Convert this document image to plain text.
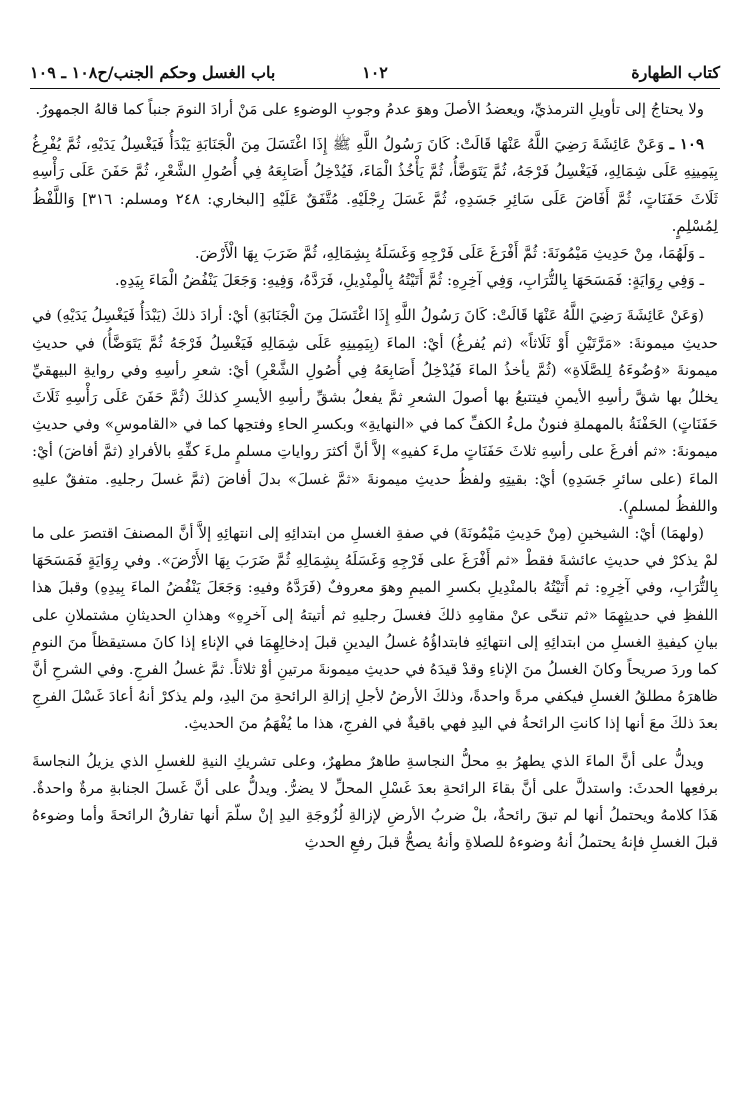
كتاب الطهارة
١٠٢
باب الغسل وحكم الجنب/ح١٠٨ ـ ١٠٩

ولا يحتاجُ إلى تأويلِ الترمذيِّ، ويعضدُ الأصلَ وهوَ عدمُ وجوبِ الوضوءِ على مَنْ أرادَ النومَ جنباً كما قالهُ الجمهورُ.

١٠٩ ـ وَعَنْ عَائِشَةَ رَضِيَ اللَّهُ عَنْهَا قَالَتْ: كَانَ رَسُولُ اللَّهِ ﷺ إِذَا اغْتَسَلَ مِنَ الْجَنَابَةِ يَبْدَأُ فَيَغْسِلُ يَدَيْهِ، ثُمَّ يُفْرِغُ بِيَمِينِهِ عَلَى شِمَالِهِ، فَيَغْسِلُ فَرْجَهُ، ثُمَّ يَتَوَضَّأُ، ثُمَّ يَأْخُذُ الْمَاءَ، فَيُدْخِلُ أَصَابِعَهُ فِي أُصُولِ الشَّعْرِ، ثُمَّ حَفَنَ عَلَى رَأْسِهِ ثَلَاثَ حَفَنَاتٍ، ثُمَّ أَفَاضَ عَلَى سَائِرِ جَسَدِهِ، ثُمَّ غَسَلَ رِجْلَيْهِ. مُتَّفَقٌ عَلَيْهِ [البخاري: ٢٤٨ ومسلم: ٣١٦] وَاللَّفْظُ لِمُسْلِمٍ.

ـ وَلَهُمَا، مِنْ حَدِيثِ مَيْمُونَةَ: ثُمَّ أَفْرَغَ عَلَى فَرْجِهِ وَغَسَلَهُ بِشِمَالِهِ، ثُمَّ ضَرَبَ بِهَا الْأَرْضَ.

ـ وَفِي رِوَايَةٍ: فَمَسَحَهَا بِالتُّرَابِ، وَفِي آخِرِهِ: ثُمَّ أَتَيْتُهُ بِالْمِنْدِيلِ، فَرَدَّهُ، وَفِيهِ: وَجَعَلَ يَنْفُضُ الْمَاءَ بِيَدِهِ.

(وَعَنْ عَائِشَةَ رَضِيَ اللَّهُ عَنْهَا قَالَتْ: كَانَ رَسُولُ اللَّهِ إِذَا اغْتَسَلَ مِنَ الْجَنَابَةِ) أيْ: أرادَ ذلكَ (يَبْدَأُ فَيَغْسِلُ يَدَيْهِ) في حديثِ ميمونةَ: «مَرَّتَيْنِ أَوْ ثَلَاثاً» (ثم يُفرغُ) أيْ: الماءَ (بِيَمِينِهِ عَلَى شِمَالِهِ فَيَغْسِلُ فَرْجَهُ ثُمَّ يَتَوَضَّأُ) في حديثِ ميمونةَ «وُضُوءَهُ لِلصَّلَاةِ» (ثُمَّ يأخذُ الماءَ فَيُدْخِلُ أَصَابِعَهُ فِي أُصُولِ الشَّعْرِ) أيْ: شعرِ رأسِهِ وفي روايةِ البيهقيِّ يخللُ بها شقَّ رأسِهِ الأيمنِ فيتتبعُ بها أصولَ الشعرِ ثمَّ يفعلُ بشقِّ رأسِهِ الأيسرِ كذلكَ (ثُمَّ حَفَنَ عَلَى رَأْسِهِ ثَلَاثَ حَفَنَاتٍ) الحَفْنَةُ بالمهملةِ فنونٌ ملءُ الكفِّ كما في «النهايةِ» وبكسرِ الحاءِ وفتحِها كما في «القاموسِ» وفي حديثِ ميمونةَ: «ثم أفرغَ على رأسِهِ ثلاثَ حَفَنَاتٍ ملءَ كفيهِ» إلاَّ أنَّ أكثرَ رواياتِ مسلمٍ ملءَ كفِّهِ بالأفرادِ (ثمَّ أفاضَ) أيْ: الماءَ (على سائرِ جَسَدِهِ) أيْ: بقيتِهِ ولفظُ حديثِ ميمونةَ «ثمَّ غسلَ» بدلَ أفاضَ (ثمَّ غسلَ رجليهِ. متفقٌ عليهِ واللفظُ لمسلمٍ).

(ولهمَا) أيْ: الشيخينِ (مِنْ حَدِيثِ مَيْمُونَةَ) في صفةِ الغسلِ من ابتدائِهِ إلى انتهائِهِ إلاَّ أنَّ المصنفَ اقتصرَ على ما لمْ يذكرْ في حديثِ عائشةَ فقطْ «ثم أَفْرَغَ على فَرْجِهِ وَغَسَلَهُ بِشِمَالِهِ ثُمَّ ضَرَبَ بِهَا الأَرْضَ». وفي رِوَايَةٍ فَمَسَحَهَا بِالتُّرَابِ، وفي آخِرِهِ: ثم أَتَيْتُهُ بالمنْدِيلِ بكسرِ الميمِ وهوَ معروفٌ (فَرَدَّهُ وفيهِ: وَجَعَلَ يَنْفُضُ الماءَ بِيدِهِ) وقبلَ هذا اللفظِ في حديثِهِمَا «ثم تنحّى عنْ مقامِهِ ذلكَ فغسلَ رجليهِ ثم أتيتهُ إلى آخرِهِ» وهذانِ الحديثانِ مشتملانِ على بيانِ كيفيةِ الغسلِ من ابتدائِهِ إلى انتهائِهِ فابتداؤُهُ غسلُ اليدينِ قبلَ إدخالِهِمَا في الإناءِ إذا كانَ مستيقظاً منَ النومِ كما وردَ صريحاً وكانَ الغسلُ منَ الإناءِ وقدْ قيدَهُ في حديثِ ميمونةَ مرتينِ أوْ ثلاثاً. ثمَّ غسلُ الفرجِ. وفي الشرحِ أنَّ ظاهرَهُ مطلقُ الغسلِ فيكفي مرةً واحدةً، وذلكَ الأرضُ لأجلِ إزالةِ الرائحةِ منَ اليدِ، ولم يذكرْ أنهُ أعادَ غَسْلَ الفرجِ بعدَ ذلكَ معَ أنها إذا كانتِ الرائحةُ في اليدِ فهي باقيةٌ في الفرجِ، هذا ما يُفْهَمُ منَ الحديثِ.

ويدلُّ على أنَّ الماءَ الذي يطهرُ بهِ محلُّ النجاسةِ طاهرٌ مطهرٌ، وعلى تشريكِ النيةِ للغسلِ الذي يزيلُ النجاسةَ برفعِها الحدثَ: واستدلَّ على أنَّ بقاءَ الرائحةِ بعدَ غَسْلِ المحلِّ لا يضرُّ. ويدلُّ على أنَّ غَسلَ الجنابةِ مرةٌ واحدةٌ. هَذَا كلامهُ ويحتملُ أنها لم تبقَ رائحةٌ، بلْ ضربُ الأرضِ لإزالةِ لُزُوجَةِ اليدِ إنْ سلّمَ أنها تفارقُ الرائحةَ وأما وضوءهُ قبلَ الغسلِ فإنهُ يحتملُ أنهُ وضوءهُ للصلاةِ وأنهُ يصحُّ قبلَ رفعِ الحدثِ
